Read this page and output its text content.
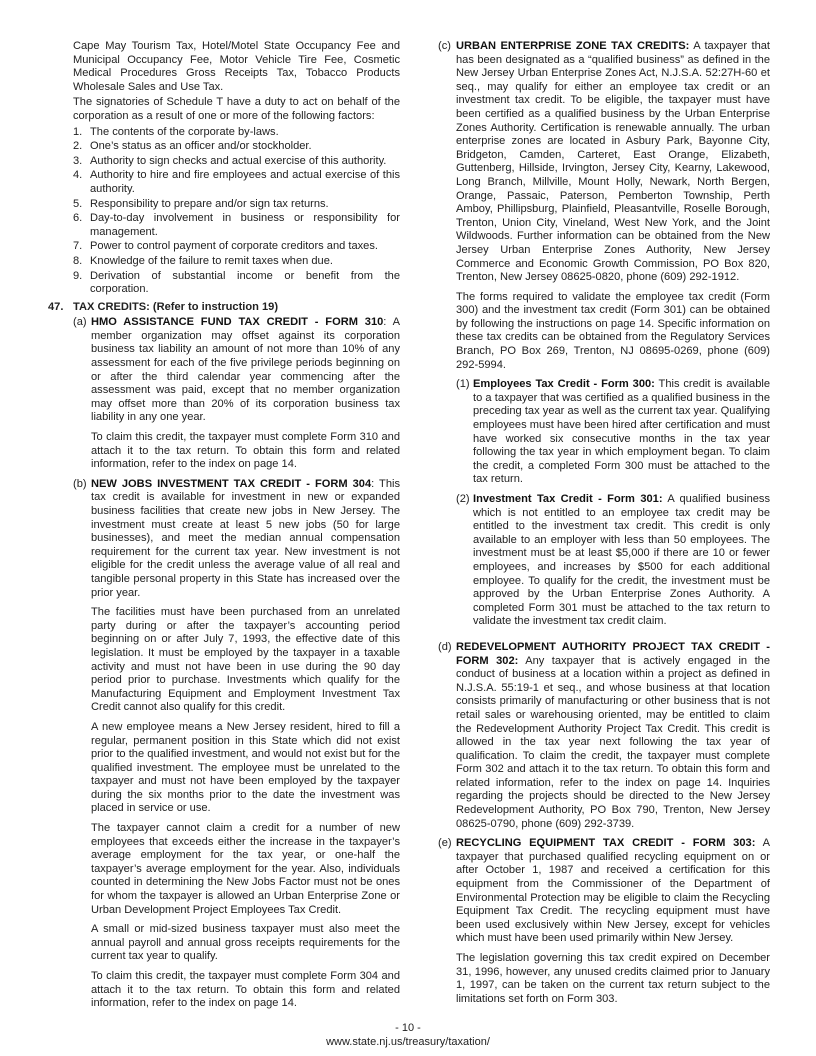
Cape May Tourism Tax, Hotel/Motel State Occupancy Fee and Municipal Occupancy Fee, Motor Vehicle Tire Fee, Cosmetic Medical Procedures Gross Receipts Tax, Tobacco Products Wholesale Sales and Use Tax.

The signatories of Schedule T have a duty to act on behalf of the corporation as a result of one or more of the following factors:

1. The contents of the corporate by-laws.
2. One’s status as an officer and/or stockholder.
3. Authority to sign checks and actual exercise of this authority.
4. Authority to hire and fire employees and actual exercise of this authority.
5. Responsibility to prepare and/or sign tax returns.
6. Day-to-day involvement in business or responsibility for management.
7. Power to control payment of corporate creditors and taxes.
8. Knowledge of the failure to remit taxes when due.
9. Derivation of substantial income or benefit from the corporation.
47. TAX CREDITS: (Refer to instruction 19)
(a) HMO ASSISTANCE FUND TAX CREDIT - FORM 310: A member organization may offset against its corporation business tax liability an amount of not more than 10% of any assessment for each of the five privilege periods beginning on or after the third calendar year commencing after the assessment was paid, except that no member organization may offset more than 20% of its corporation business tax liability in any one year.

To claim this credit, the taxpayer must complete Form 310 and attach it to the tax return. To obtain this form and related information, refer to the index on page 14.

(b) NEW JOBS INVESTMENT TAX CREDIT - FORM 304: This tax credit is available for investment in new or expanded business facilities that create new jobs in New Jersey. The investment must create at least 5 new jobs (50 for large businesses), and meet the median annual compensation requirement for the current tax year. New investment is not eligible for the credit unless the average value of all real and tangible personal property in this State has increased over the prior year.

The facilities must have been purchased from an unrelated party during or after the taxpayer’s accounting period beginning on or after July 7, 1993, the effective date of this legislation. It must be employed by the taxpayer in a taxable activity and must not have been in use during the 90 day period prior to purchase. Investments which qualify for the Manufacturing Equipment and Employment Investment Tax Credit cannot also qualify for this credit.

A new employee means a New Jersey resident, hired to fill a regular, permanent position in this State which did not exist prior to the qualified investment, and would not exist but for the qualified investment. The employee must be unrelated to the taxpayer and must not have been employed by the taxpayer during the six months prior to the date the investment was placed in service or use.

The taxpayer cannot claim a credit for a number of new employees that exceeds either the increase in the taxpayer’s average employment for the tax year, or one-half the taxpayer’s average employment for the year. Also, individuals counted in determining the New Jobs Factor must not be ones for whom the taxpayer is allowed an Urban Enterprise Zone or Urban Development Project Employees Tax Credit.

A small or mid-sized business taxpayer must also meet the annual payroll and annual gross receipts requirements for the current tax year to qualify.

To claim this credit, the taxpayer must complete Form 304 and attach it to the tax return. To obtain this form and related information, refer to the index on page 14.

(c) URBAN ENTERPRISE ZONE TAX CREDITS: A taxpayer that has been designated as a “qualified business” as defined in the New Jersey Urban Enterprise Zones Act, N.J.S.A. 52:27H-60 et seq., may qualify for either an employee tax credit or an investment tax credit. To be eligible, the taxpayer must have been certified as a qualified business by the Urban Enterprise Zones Authority. Certification is renewable annually. The urban enterprise zones are located in Asbury Park, Bayonne City, Bridgeton, Camden, Carteret, East Orange, Elizabeth, Guttenberg, Hillside, Irvington, Jersey City, Kearny, Lakewood, Long Branch, Millville, Mount Holly, Newark, North Bergen, Orange, Passaic, Paterson, Pemberton Township, Perth Amboy, Phillipsburg, Plainfield, Pleasantville, Roselle Borough, Trenton, Union City, Vineland, West New York, and the Joint Wildwoods. Further information can be obtained from the New Jersey Urban Enterprise Zones Authority, New Jersey Commerce and Economic Growth Commission, PO Box 820, Trenton, New Jersey 08625-0820, phone (609) 292-1912.

The forms required to validate the employee tax credit (Form 300) and the investment tax credit (Form 301) can be obtained by following the instructions on page 14. Specific information on these tax credits can be obtained from the Regulatory Services Branch, PO Box 269, Trenton, NJ 08695-0269, phone (609) 292-5994.

(1) Employees Tax Credit - Form 300: This credit is available to a taxpayer that was certified as a qualified business in the preceding tax year as well as the current tax year. Qualifying employees must have been hired after certification and must have worked six consecutive months in the tax year following the tax year in which employment began. To claim the credit, a completed Form 300 must be attached to the tax return.

(2) Investment Tax Credit - Form 301: A qualified business which is not entitled to an employee tax credit may be entitled to the investment tax credit. This credit is only available to an employer with less than 50 employees. The investment must be at least $5,000 if there are 10 or fewer employees, and increases by $500 for each additional employee. To qualify for the credit, the investment must be approved by the Urban Enterprise Zones Authority. A completed Form 301 must be attached to the tax return to validate the investment tax credit claim.

(d) REDEVELOPMENT AUTHORITY PROJECT TAX CREDIT - FORM 302: Any taxpayer that is actively engaged in the conduct of business at a location within a project as defined in N.J.S.A. 55:19-1 et seq., and whose business at that location consists primarily of manufacturing or other business that is not retail sales or warehousing oriented, may be entitled to claim the Redevelopment Authority Project Tax Credit. This credit is allowed in the tax year next following the tax year of qualification. To claim the credit, the taxpayer must complete Form 302 and attach it to the tax return. To obtain this form and related information, refer to the index on page 14. Inquiries regarding the projects should be directed to the New Jersey Redevelopment Authority, PO Box 790, Trenton, New Jersey 08625-0790, phone (609) 292-3739.

(e) RECYCLING EQUIPMENT TAX CREDIT - FORM 303: A taxpayer that purchased qualified recycling equipment on or after October 1, 1987 and received a certification for this equipment from the Commissioner of the Department of Environmental Protection may be eligible to claim the Recycling Equipment Tax Credit. The recycling equipment must have been used exclusively within New Jersey, except for vehicles which must have been used primarily within New Jersey.

The legislation governing this tax credit expired on December 31, 1996, however, any unused credits claimed prior to January 1, 1997, can be taken on the current tax return subject to the limitations set forth on Form 303.

- 10 -
www.state.nj.us/treasury/taxation/
